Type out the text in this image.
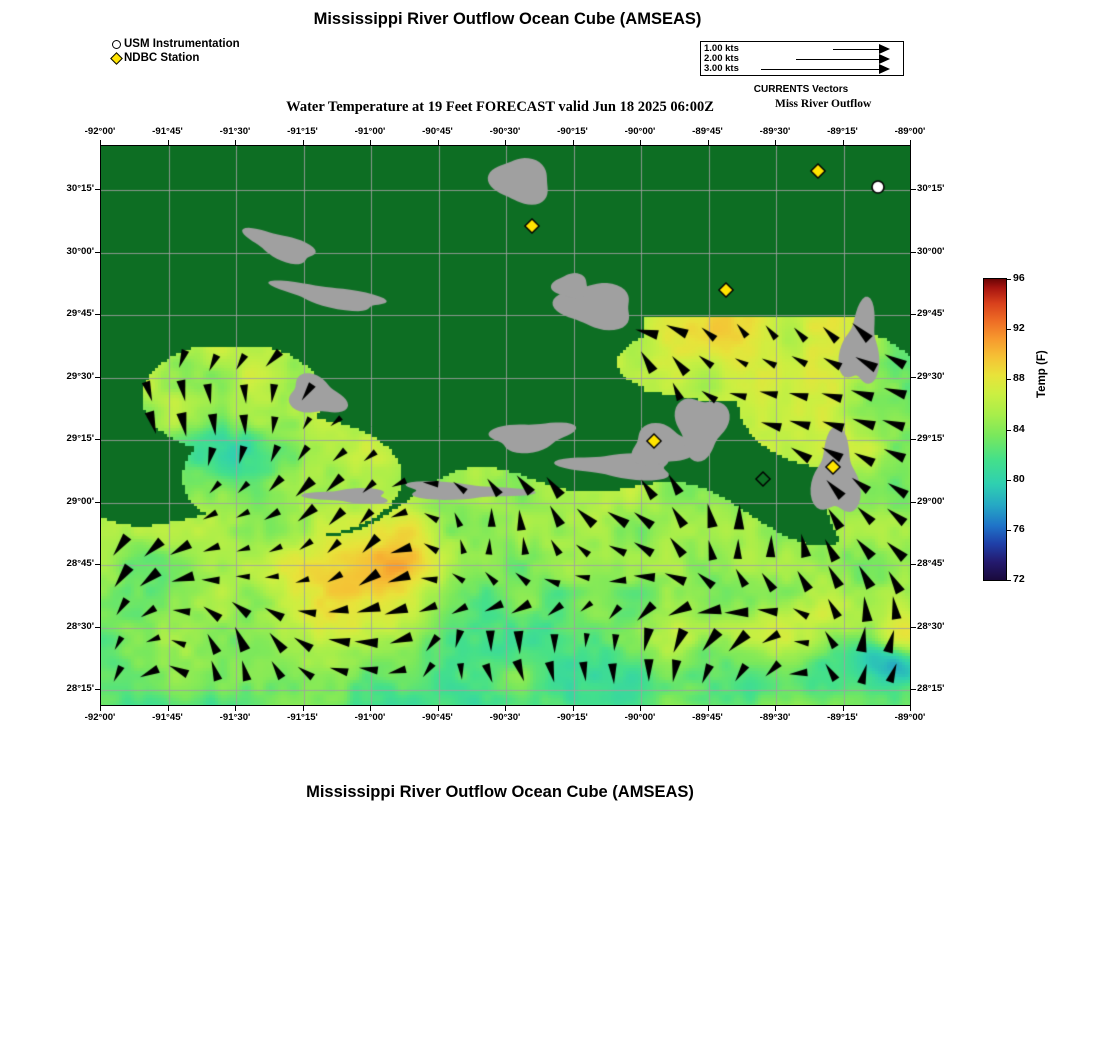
Mississippi River Outflow Ocean Cube (AMSEAS)
Water Temperature at 19 Feet FORECAST valid Jun 18 2025 06:00Z	Miss River Outflow
Mississippi River Outflow Ocean Cube (AMSEAS)
USM Instrumentation
NDBC Station
1.00 kts
2.00 kts
3.00 kts
CURRENTS Vectors
-92°00'
-92°00'
-91°45'
-91°45'
-91°30'
-91°30'
-91°15'
-91°15'
-91°00'
-91°00'
-90°45'
-90°45'
-90°30'
-90°30'
-90°15'
-90°15'
-90°00'
-90°00'
-89°45'
-89°45'
-89°30'
-89°30'
-89°15'
-89°15'
-89°00'
-89°00'
30°15'	30°15'
30°00'	30°00'
29°45'	29°45'
29°30'	29°30'
29°15'	29°15'
29°00'	29°00'
28°45'	28°45'
28°30'	28°30'
28°15'	28°15'
Temp (F)
96
92
88
84
80
76
72
